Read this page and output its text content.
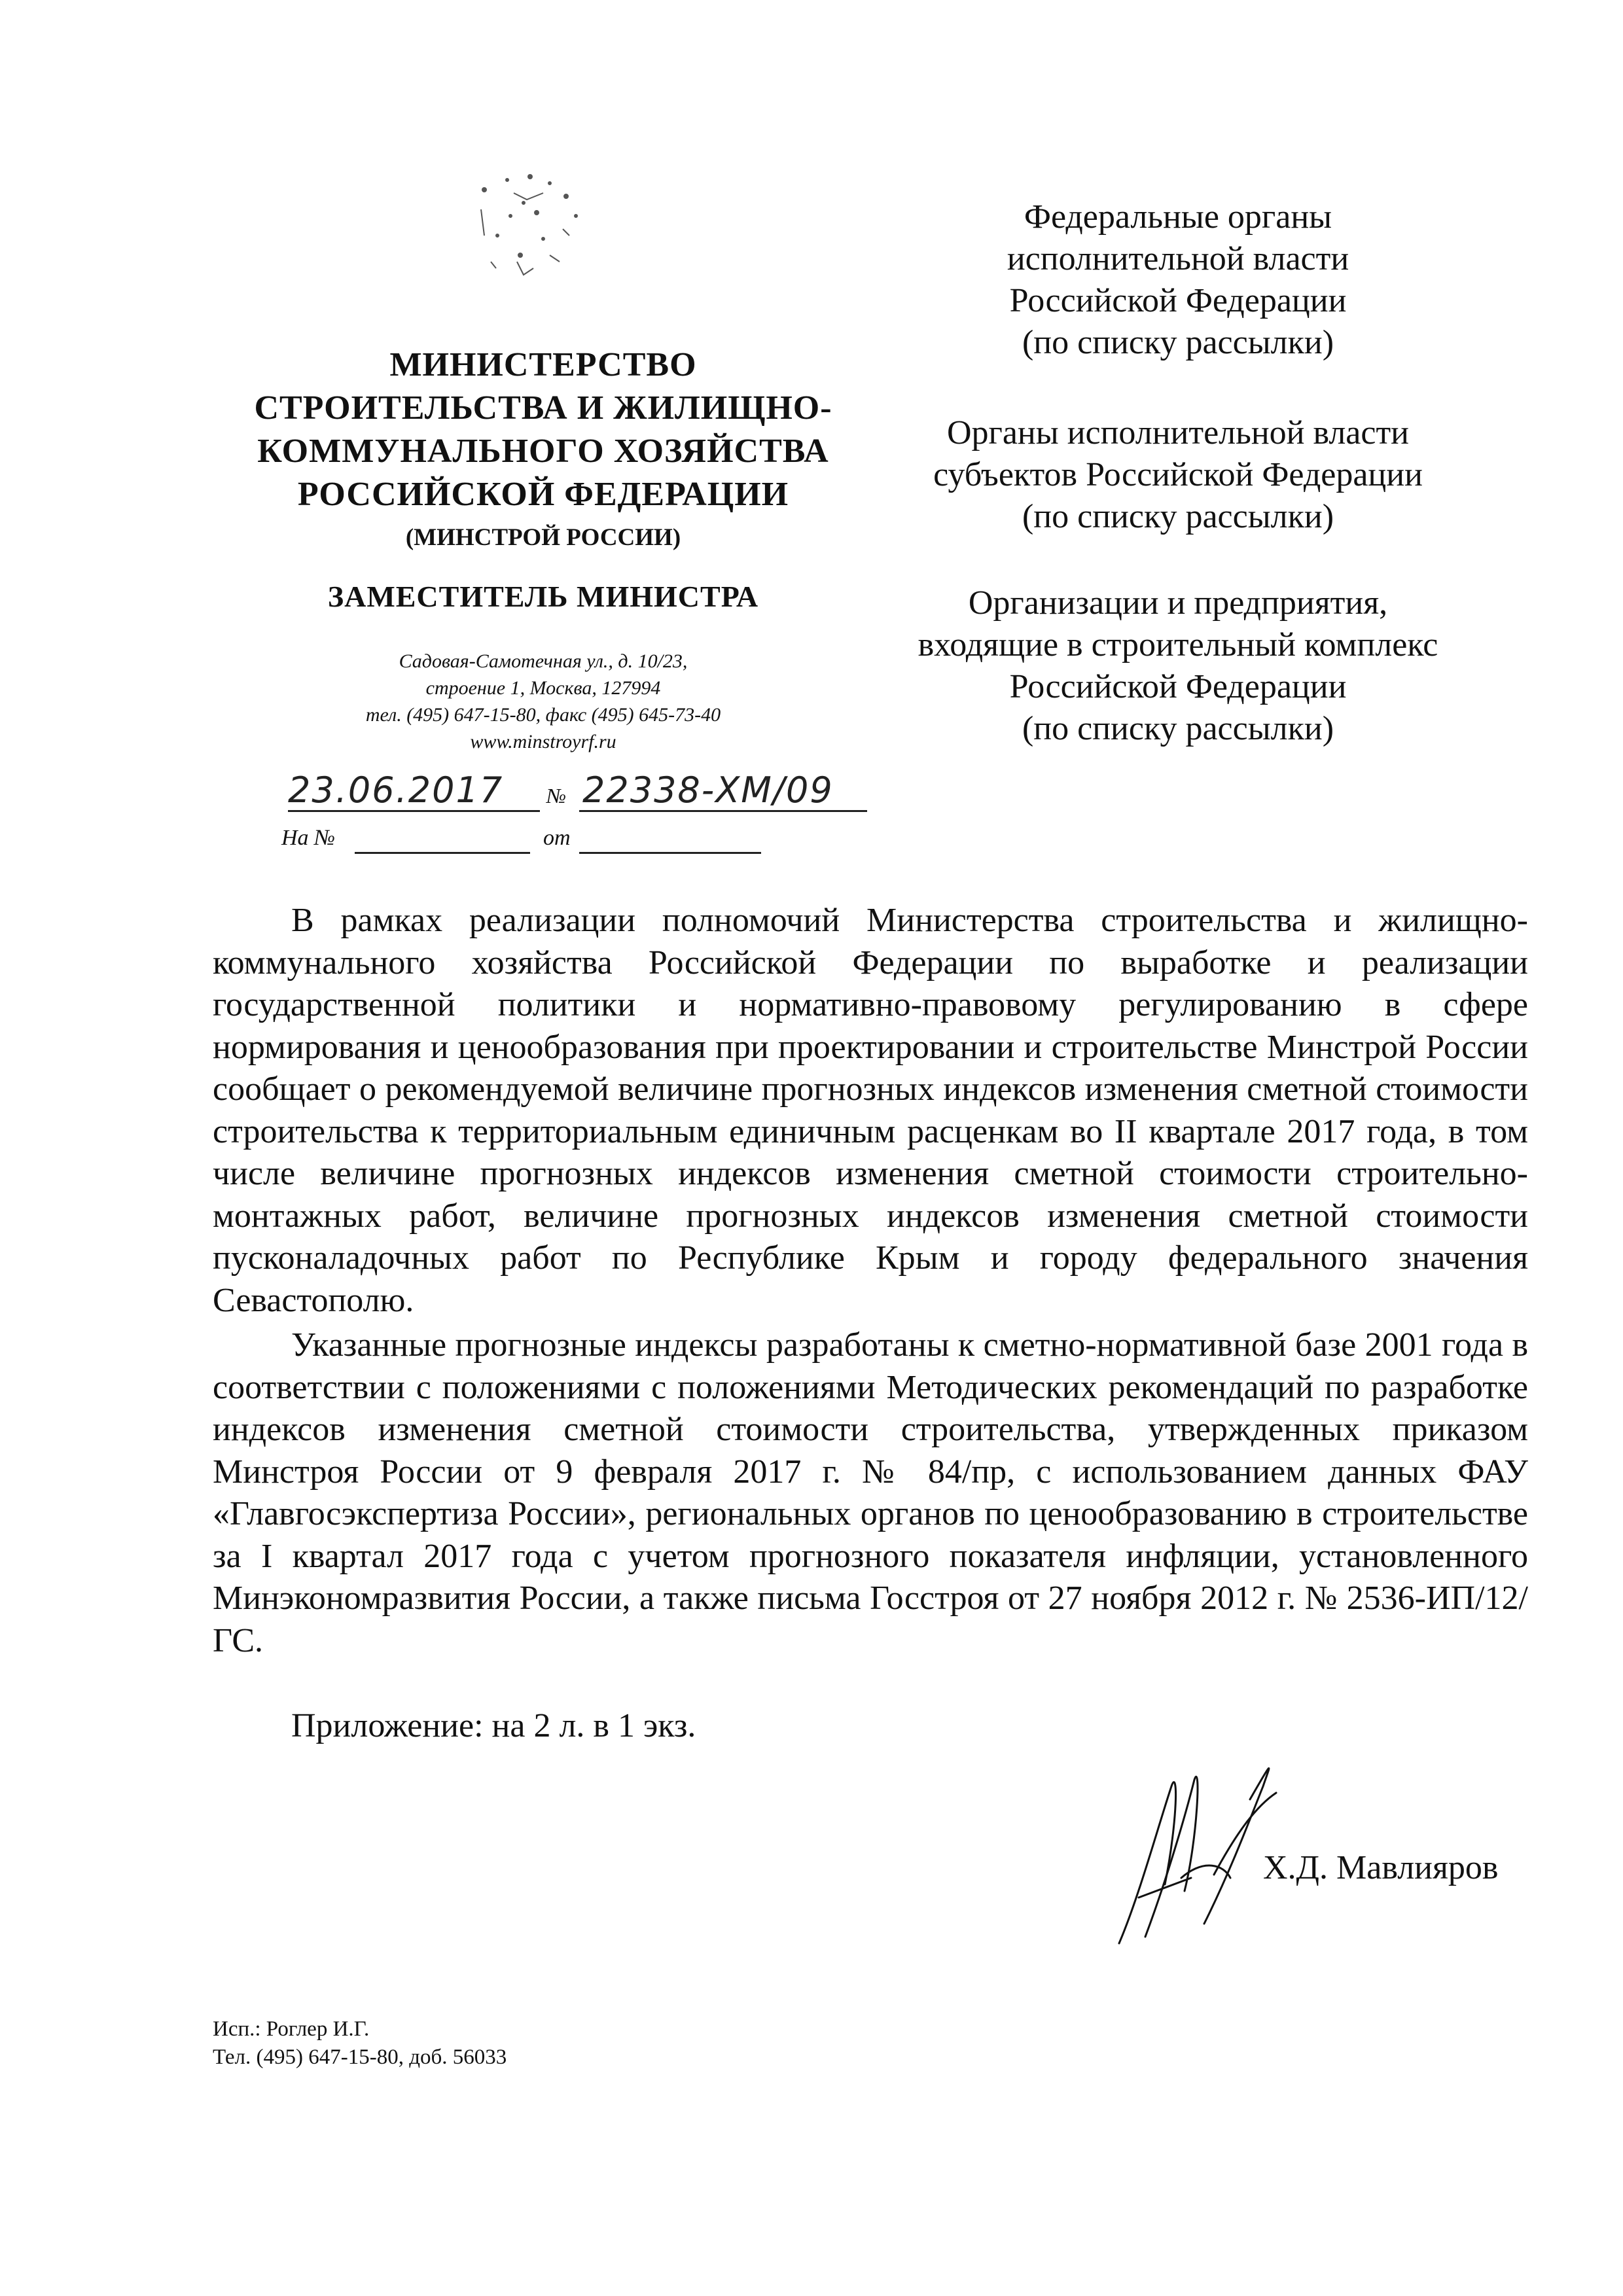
МИНИСТЕРСТВО
СТРОИТЕЛЬСТВА И ЖИЛИЩНО-
КОММУНАЛЬНОГО ХОЗЯЙСТВА
РОССИЙСКОЙ ФЕДЕРАЦИИ
(МИНСТРОЙ РОССИИ)
ЗАМЕСТИТЕЛЬ МИНИСТРА
Садовая-Самотечная ул., д. 10/23,
строение 1, Москва, 127994
тел. (495) 647-15-80, факс (495) 645-73-40
www.minstroyrf.ru
23.06.2017	№ 22338-ХМ/09
На №	от
Федеральные органы
исполнительной власти
Российской Федерации
(по списку рассылки)
Органы исполнительной власти
субъектов Российской Федерации
(по списку рассылки)
Организации и предприятия,
входящие в строительный комплекс
Российской Федерации
(по списку рассылки)

В рамках реализации полномочий Министерства строительства и жилищно-коммунального хозяйства Российской Федерации по выработке и реализации государственной политики и нормативно-правовому регулированию в сфере нормирования и ценообразования при проектировании и строительстве Минстрой России сообщает о рекомендуемой величине прогнозных индексов изменения сметной стоимости строительства к территориальным единичным расценкам во II квартале 2017 года, в том числе величине прогнозных индексов изменения сметной стоимости строительно-монтажных работ, величине прогнозных индексов изменения сметной стоимости пусконаладочных работ по Республике Крым и городу федерального значения Севастополю.

Указанные прогнозные индексы разработаны к сметно-нормативной базе 2001 года в соответствии с положениями с положениями Методических рекомендаций по разработке индексов изменения сметной стоимости строительства, утвержденных приказом Минстроя России от 9 февраля 2017 г. № 84/пр, с использованием данных ФАУ «Главгосэкспертиза России», региональных органов по ценообразованию в строительстве за I квартал 2017 года с учетом прогнозного показателя инфляции, установленного Минэкономразвития России, а также письма Госстроя от 27 ноября 2012 г. № 2536-ИП/12/ГС.

Приложение: на 2 л. в 1 экз.

Х.Д. Мавлияров
Исп.: Роглер И.Г.
Тел. (495) 647-15-80, доб. 56033
